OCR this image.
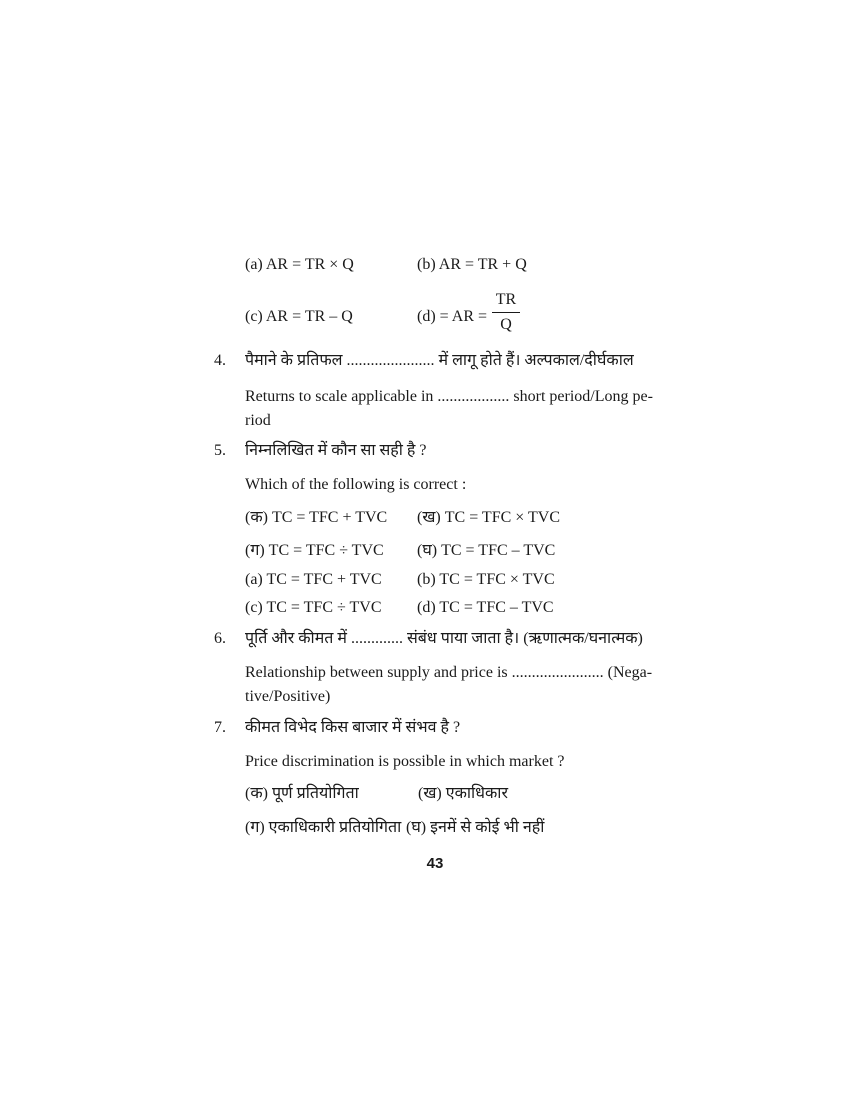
(a) AR = TR × Q	(b) AR = TR + Q
(c) AR = TR – Q	(d) = AR =
TR
Q
4. पैमाने के प्रतिफल ...................... में लागू होते हैं। अल्पकाल/दीर्घकाल
Returns to scale applicable in .................. short period/Long pe-
riod
5. निम्नलिखित में कौन सा सही है ?
Which of the following is correct :
(क) TC = TFC + TVC (ख) TC = TFC × TVC
(ग) TC = TFC ÷ TVC (घ) TC = TFC – TVC
(a) TC = TFC + TVC (b) TC = TFC × TVC
(c) TC = TFC ÷ TVC (d) TC = TFC – TVC
6. पूर्ति और कीमत में ............. संबंध पाया जाता है। (ऋणात्मक/घनात्मक)
Relationship between supply and price is ....................... (Nega-
tive/Positive)
7. कीमत विभेद किस बाजार में संभव है ?
Price discrimination is possible in which market ?
(क) पूर्ण प्रतियोगिता	(ख) एकाधिकार
(ग) एकाधिकारी प्रतियोगिता (घ) इनमें से कोई भी नहीं
43
